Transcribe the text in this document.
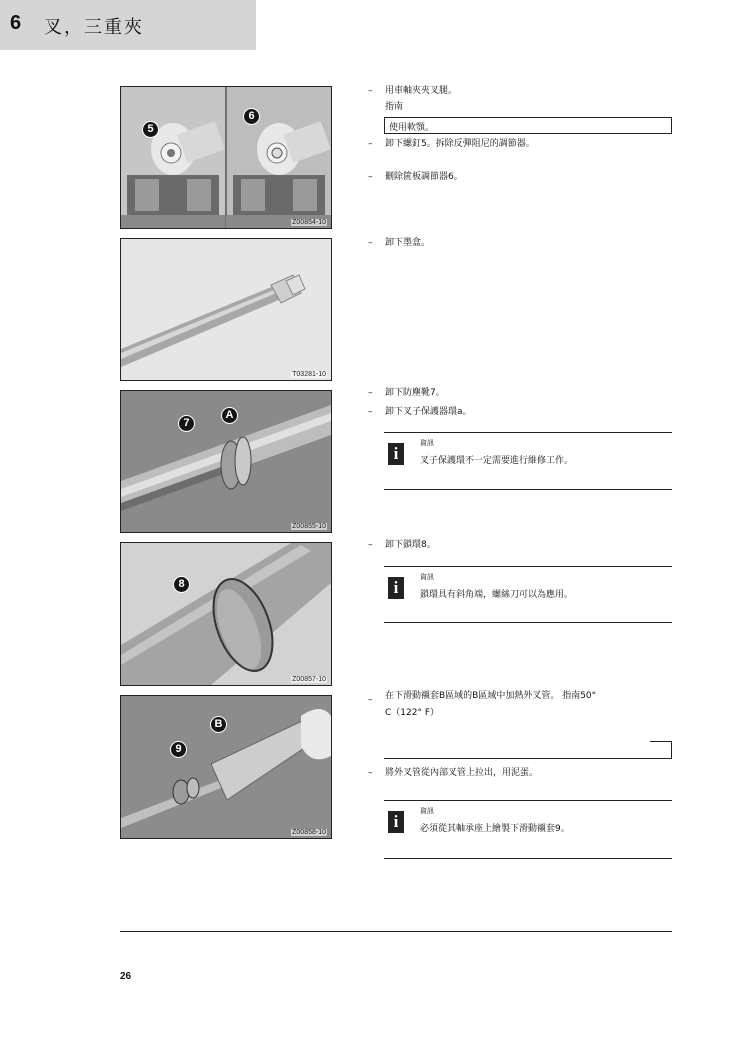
6 叉，三重夾
5
6
Z00854-10
T03281-10
7
A
Z00855-10
8
Z00857-10
B
9
Z00858-10
– 用車軸夾夾叉腿。
指南
使用軟顎。
– 卸下螺釘5。拆除反彈阻尼的調節器。
– 刪除篋板調節器6。
– 卸下墨盒。
– 卸下防塵靴7。
– 卸下叉子保護器環a。
i
資訊
叉子保護環不一定需要進行維修工作。
– 卸下鎖環8。
i
資訊
鎖環具有斜角端，螺絲刀可以為應用。
– 在下滑動襯套B區域的B區域中加熱外叉管。 指南50°
C（122° F）
– 將外叉管從內部叉管上拉出，用泥蛋。
i
資訊
必須從其軸承座上繪製下滑動襯套9。
26
